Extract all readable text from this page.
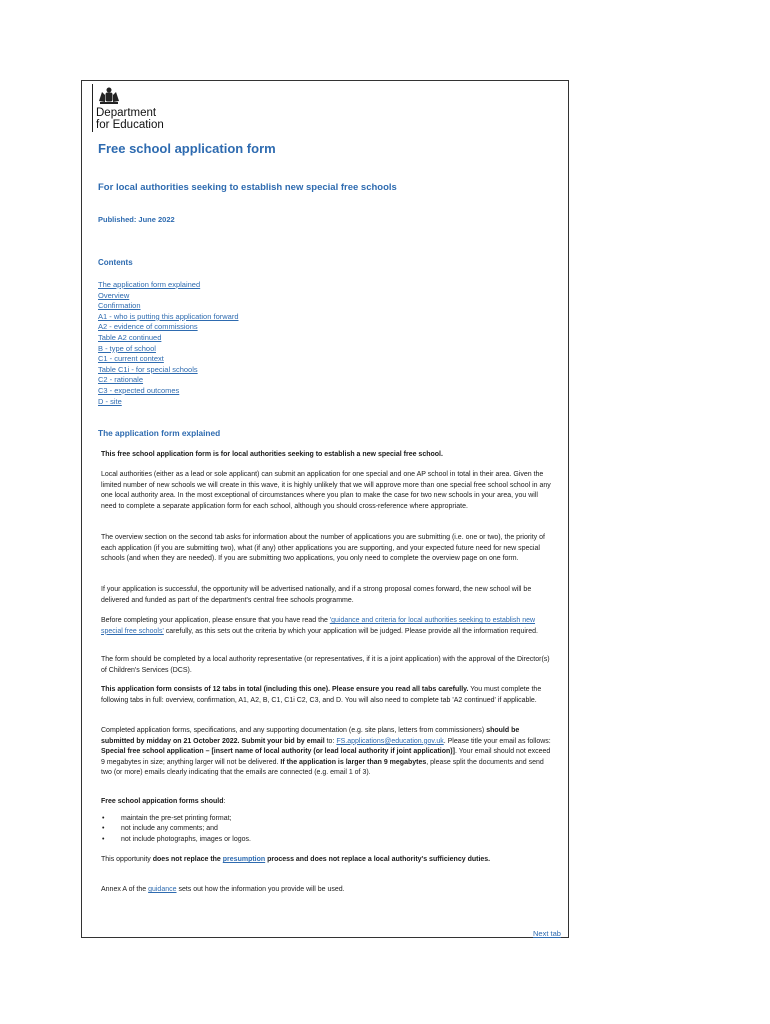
Department
for Education
Free school application form
For local authorities seeking to establish new special free schools
Published: June 2022
Contents
The application form explained
Overview
Confirmation
A1 - who is putting this application forward
A2 - evidence of commissions
Table A2 continued
B - type of school
C1 - current context
Table C1i - for special schools
C2 - rationale
C3 - expected outcomes
D - site
The application form explained

This free school application form is for local authorities seeking to establish a new special free school.

Local authorities (either as a lead or sole applicant) can submit an application for one special and one AP school in total in their area. Given the limited number of new schools we will create in this wave, it is highly unlikely that we will approve more than one special free school school in any one local authority area. In the most exceptional of circumstances where you plan to make the case for two new schools in your area, you will need to complete a separate application form for each school, although you should cross-reference where appropriate.

The overview section on the second tab asks for information about the number of applications you are submitting (i.e. one or two), the priority of each application (if you are submitting two), what (if any) other applications you are supporting, and your expected future need for new special schools (and when they are needed). If you are submitting two applications, you only need to complete the overview page on one form.

If your application is successful, the opportunity will be advertised nationally, and if a strong proposal comes forward, the new school will be delivered and funded as part of the department's central free schools programme.

Before completing your application, please ensure that you have read the 'guidance and criteria for local authorities seeking to establish new special free schools' carefully, as this sets out the criteria by which your application will be judged. Please provide all the information required.

The form should be completed by a local authority representative (or representatives, if it is a joint application) with the approval of the Director(s) of Children's Services (DCS).

This application form consists of 12 tabs in total (including this one). Please ensure you read all tabs carefully. You must complete the following tabs in full: overview, confirmation, A1, A2, B, C1, C1i C2, C3, and D. You will also need to complete tab 'A2 continued' if applicable.

Completed application forms, specifications, and any supporting documentation (e.g. site plans, letters from commissioners) should be submitted by midday on 21 October 2022. Submit your bid by email to: FS.applications@education.gov.uk. Please title your email as follows: Special free school application – [insert name of local authority (or lead local authority if joint application)]. Your email should not exceed 9 megabytes in size; anything larger will not be delivered. If the application is larger than 9 megabytes, please split the documents and send two (or more) emails clearly indicating that the emails are connected (e.g. email 1 of 3).

Free school appication forms should:

• maintain the pre-set printing format;
• not include any comments; and
• not include photographs, images or logos.

This opportunity does not replace the presumption process and does not replace a local authority's sufficiency duties.

Annex A of the guidance sets out how the information you provide will be used.

Next tab
